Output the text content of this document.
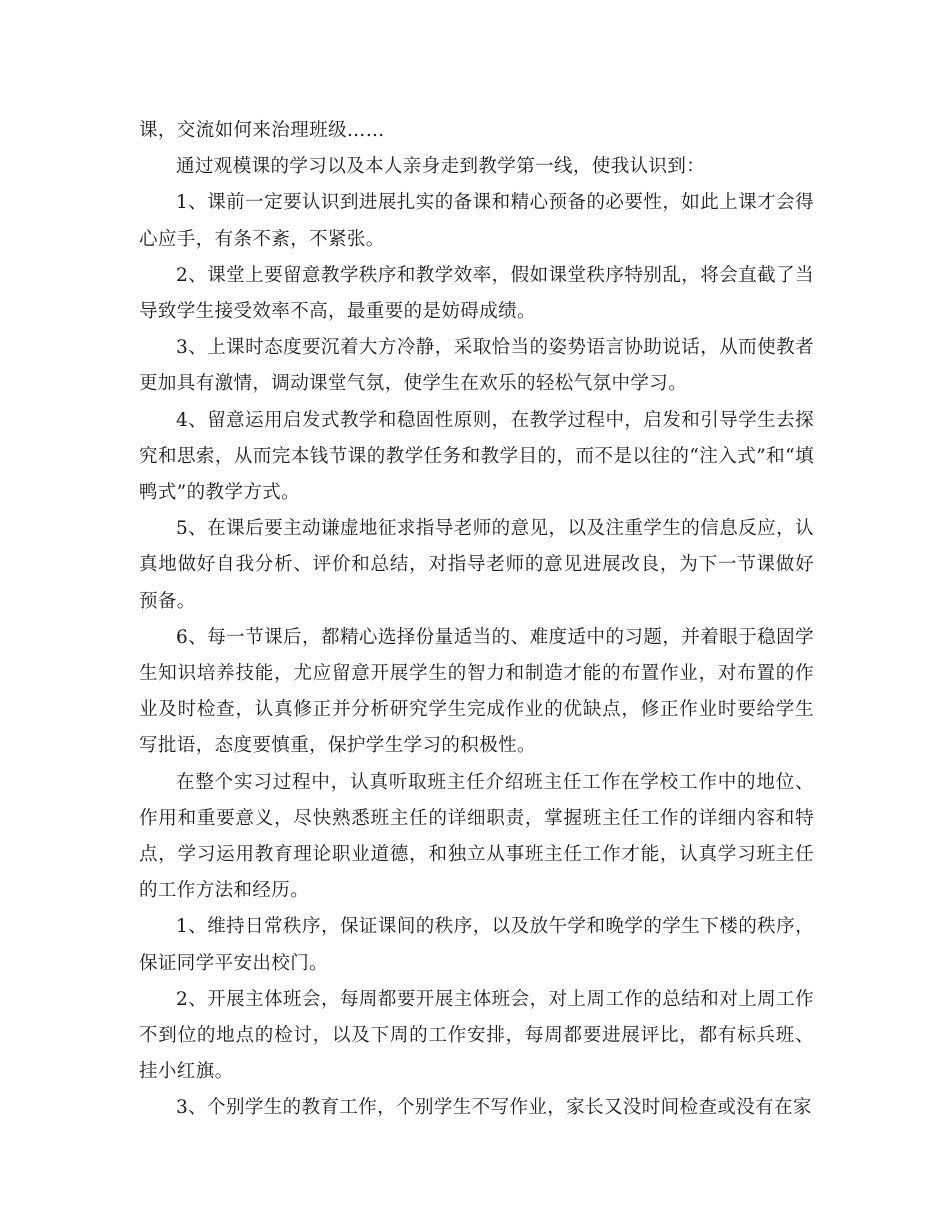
课，交流如何来治理班级……

通过观模课的学习以及本人亲身走到教学第一线，使我认识到：

1、课前一定要认识到进展扎实的备课和精心预备的必要性，如此上课才会得心应手，有条不紊，不紧张。

2、课堂上要留意教学秩序和教学效率，假如课堂秩序特别乱，将会直截了当导致学生接受效率不高，最重要的是妨碍成绩。

3、上课时态度要沉着大方冷静，采取恰当的姿势语言协助说话，从而使教者更加具有激情，调动课堂气氛，使学生在欢乐的轻松气氛中学习。

4、留意运用启发式教学和稳固性原则，在教学过程中，启发和引导学生去探究和思索，从而完本钱节课的教学任务和教学目的，而不是以往的“注入式”和“填鸭式”的教学方式。

5、在课后要主动谦虚地征求指导老师的意见，以及注重学生的信息反应，认真地做好自我分析、评价和总结，对指导老师的意见进展改良，为下一节课做好预备。

6、每一节课后，都精心选择份量适当的、难度适中的习题，并着眼于稳固学生知识培养技能，尤应留意开展学生的智力和制造才能的布置作业，对布置的作业及时检查，认真修正并分析研究学生完成作业的优缺点，修正作业时要给学生写批语，态度要慎重，保护学生学习的积极性。

在整个实习过程中，认真听取班主任介绍班主任工作在学校工作中的地位、作用和重要意义，尽快熟悉班主任的详细职责，掌握班主任工作的详细内容和特点，学习运用教育理论职业道德，和独立从事班主任工作才能，认真学习班主任的工作方法和经历。

1、维持日常秩序，保证课间的秩序，以及放午学和晚学的学生下楼的秩序，保证同学平安出校门。

2、开展主体班会，每周都要开展主体班会，对上周工作的总结和对上周工作不到位的地点的检讨，以及下周的工作安排，每周都要进展评比，都有标兵班、挂小红旗。

3、个别学生的教育工作，个别学生不写作业，家长又没时间检查或没有在家
